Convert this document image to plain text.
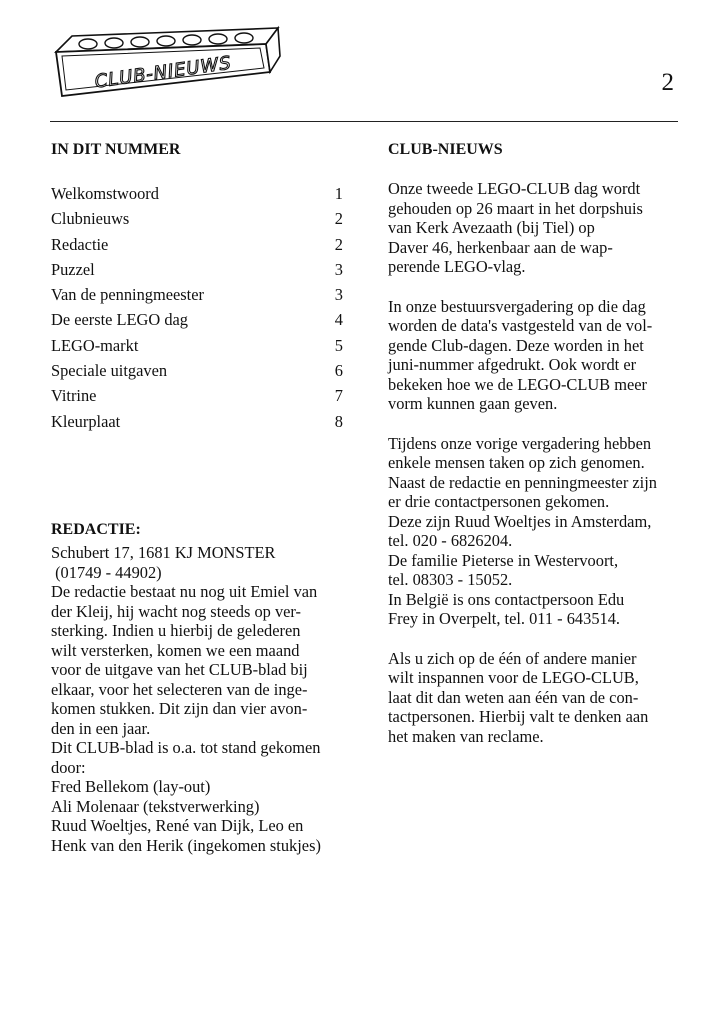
CLUB-NIEUWS	2
IN DIT NUMMER
Welkomstwoord	1
Clubnieuws	2
Redactie	2
Puzzel	3
Van de penningmeester	3
De eerste LEGO dag	4
LEGO-markt	5
Speciale uitgaven	6
Vitrine	7
Kleurplaat	8
REDACTIE:
Schubert 17, 1681 KJ MONSTER
(01749 - 44902)
De redactie bestaat nu nog uit Emiel van
der Kleij, hij wacht nog steeds op ver-
sterking. Indien u hierbij de gelederen
wilt versterken, komen we een maand
voor de uitgave van het CLUB-blad bij
elkaar, voor het selecteren van de inge-
komen stukken. Dit zijn dan vier avon-
den in een jaar.
Dit CLUB-blad is o.a. tot stand gekomen
door:
Fred Bellekom (lay-out)
Ali Molenaar (tekstverwerking)
Ruud Woeltjes, René van Dijk, Leo en
Henk van den Herik (ingekomen stukjes)
CLUB-NIEUWS
Onze tweede LEGO-CLUB dag wordt
gehouden op 26 maart in het dorpshuis
van Kerk Avezaath (bij Tiel) op
Daver 46, herkenbaar aan de wap-
perende LEGO-vlag.
In onze bestuursvergadering op die dag
worden de data's vastgesteld van de vol-
gende Club-dagen. Deze worden in het
juni-nummer afgedrukt. Ook wordt er
bekeken hoe we de LEGO-CLUB meer
vorm kunnen gaan geven.
Tijdens onze vorige vergadering hebben
enkele mensen taken op zich genomen.
Naast de redactie en penningmeester zijn
er drie contactpersonen gekomen.
Deze zijn Ruud Woeltjes in Amsterdam,
tel. 020 - 6826204.
De familie Pieterse in Westervoort,
tel. 08303 - 15052.
In België is ons contactpersoon Edu
Frey in Overpelt, tel. 011 - 643514.
Als u zich op de één of andere manier
wilt inspannen voor de LEGO-CLUB,
laat dit dan weten aan één van de con-
tactpersonen. Hierbij valt te denken aan
het maken van reclame.
